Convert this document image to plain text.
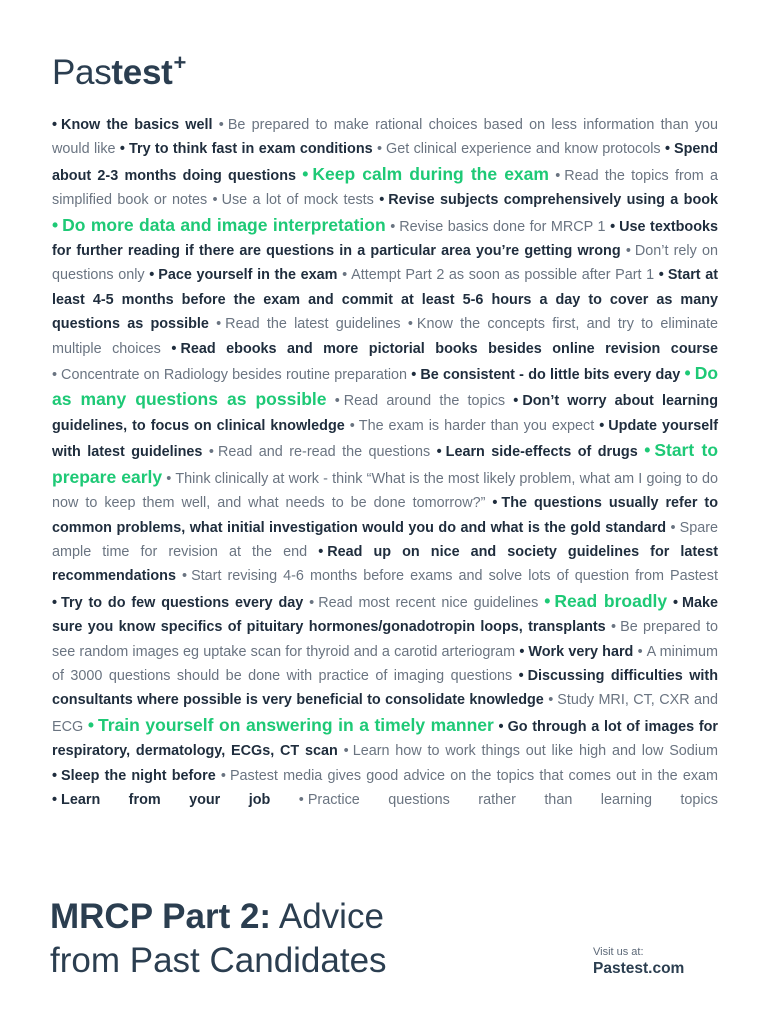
Pastest+

• Know the basics well • Be prepared to make rational choices based on less information than you would like • Try to think fast in exam conditions • Get clinical experience and know protocols • Spend about 2-3 months doing questions • Keep calm during the exam • Read the topics from a simplified book or notes • Use a lot of mock tests • Revise subjects comprehensively using a book • Do more data and image interpretation • Revise basics done for MRCP 1 • Use textbooks for further reading if there are questions in a particular area you’re getting wrong • Don’t rely on questions only • Pace yourself in the exam • Attempt Part 2 as soon as possible after Part 1 • Start at least 4-5 months before the exam and commit at least 5-6 hours a day to cover as many questions as possible • Read the latest guidelines • Know the concepts first, and try to eliminate multiple choices • Read ebooks and more pictorial books besides online revision course • Concentrate on Radiology besides routine preparation • Be consistent - do little bits every day • Do as many questions as possible • Read around the topics • Don’t worry about learning guidelines, to focus on clinical knowledge • The exam is harder than you expect • Update yourself with latest guidelines • Read and re-read the questions • Learn side-effects of drugs • Start to prepare early • Think clinically at work - think “What is the most likely problem, what am I going to do now to keep them well, and what needs to be done tomorrow?” • The questions usually refer to common problems, what initial investigation would you do and what is the gold standard • Spare ample time for revision at the end • Read up on nice and society guidelines for latest recommendations • Start revising 4-6 months before exams and solve lots of question from Pastest • Try to do few questions every day • Read most recent nice guidelines • Read broadly • Make sure you know specifics of pituitary hormones/gonadotropin loops, transplants • Be prepared to see random images eg uptake scan for thyroid and a carotid arteriogram • Work very hard • A minimum of 3000 questions should be done with practice of imaging questions • Discussing difficulties with consultants where possible is very beneficial to consolidate knowledge • Study MRI, CT, CXR and ECG • Train yourself on answering in a timely manner • Go through a lot of images for respiratory, dermatology, ECGs, CT scan • Learn how to work things out like high and low Sodium • Sleep the night before • Pastest media gives good advice on the topics that comes out in the exam • Learn from your job • Practice questions rather than learning topics

MRCP Part 2: Advice
from Past Candidates	Visit us at:
Pastest.com
